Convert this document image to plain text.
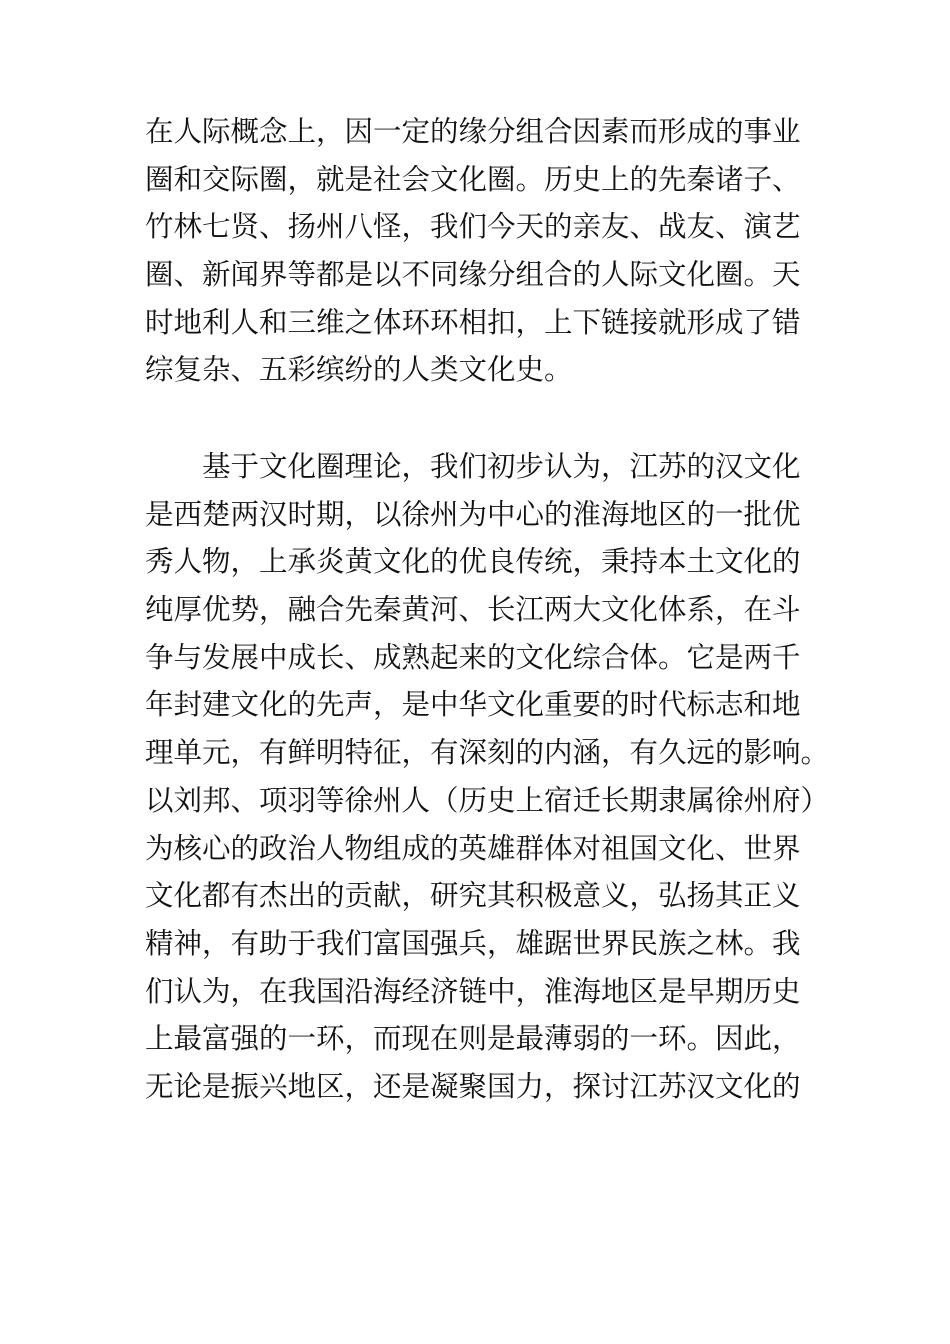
在人际概念上，因一定的缘分组合因素而形成的事业
圈和交际圈，就是社会文化圈。历史上的先秦诸子、
竹林七贤、扬州八怪，我们今天的亲友、战友、演艺
圈、新闻界等都是以不同缘分组合的人际文化圈。天
时地利人和三维之体环环相扣，上下链接就形成了错
综复杂、五彩缤纷的人类文化史。
　　基于文化圈理论，我们初步认为，江苏的汉文化
是西楚两汉时期，以徐州为中心的淮海地区的一批优
秀人物，上承炎黄文化的优良传统，秉持本土文化的
纯厚优势，融合先秦黄河、长江两大文化体系，在斗
争与发展中成长、成熟起来的文化综合体。它是两千
年封建文化的先声，是中华文化重要的时代标志和地
理单元，有鲜明特征，有深刻的内涵，有久远的影响。
以刘邦、项羽等徐州人（历史上宿迁长期隶属徐州府）
为核心的政治人物组成的英雄群体对祖国文化、世界
文化都有杰出的贡献，研究其积极意义，弘扬其正义
精神，有助于我们富国强兵，雄踞世界民族之林。我
们认为，在我国沿海经济链中，淮海地区是早期历史
上最富强的一环，而现在则是最薄弱的一环。因此，
无论是振兴地区，还是凝聚国力，探讨江苏汉文化的
